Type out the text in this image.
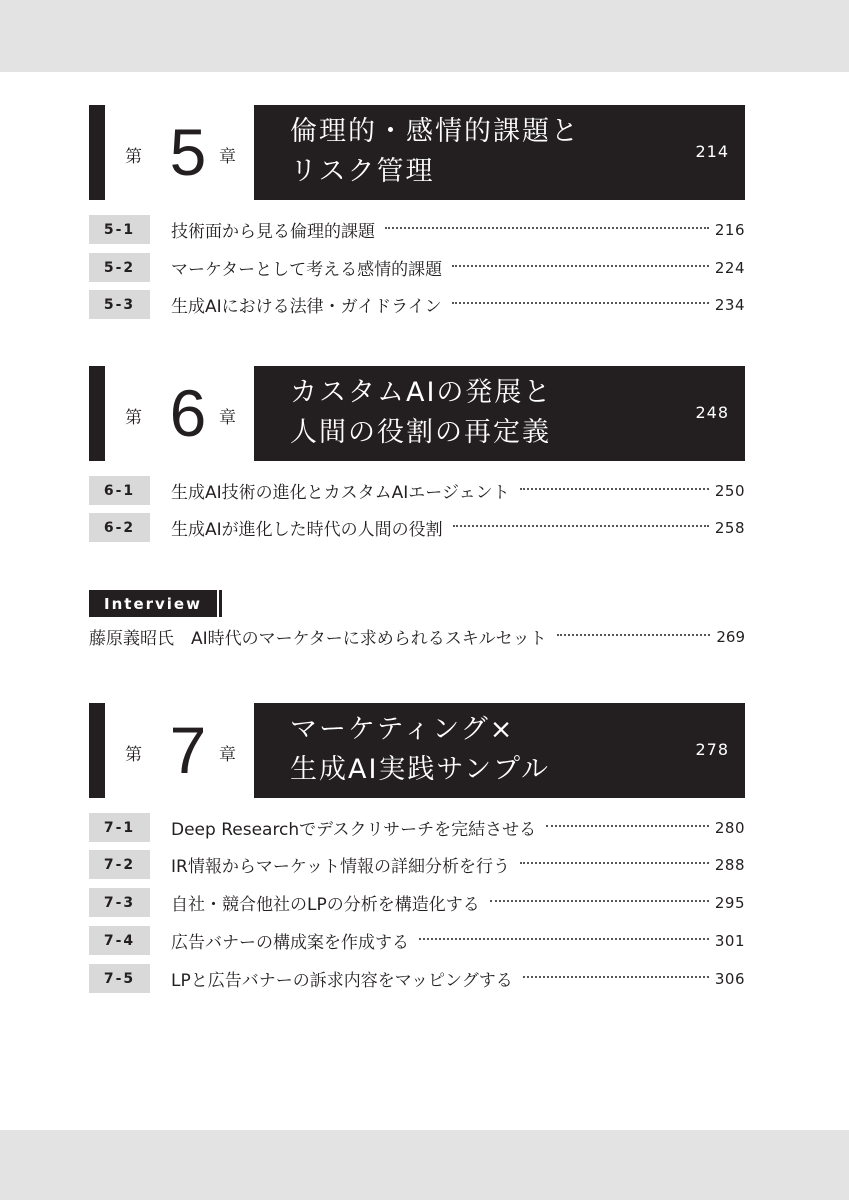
第 5 章
倫理的・感情的課題と
リスク管理
214
5-1	技術面から見る倫理的課題	216
5-2	マーケターとして考える感情的課題	224
5-3	生成AIにおける法律・ガイドライン	234
第 6 章
カスタムAIの発展と
人間の役割の再定義
248
6-1	生成AI技術の進化とカスタムAIエージェント	250
6-2	生成AIが進化した時代の人間の役割	258
Interview
藤原義昭氏　AI時代のマーケターに求められるスキルセット	269
第 7 章
マーケティング×
生成AI実践サンプル
278
7-1	Deep Researchでデスクリサーチを完結させる	280
7-2	IR情報からマーケット情報の詳細分析を行う	288
7-3	自社・競合他社のLPの分析を構造化する	295
7-4	広告バナーの構成案を作成する	301
7-5	LPと広告バナーの訴求内容をマッピングする	306
